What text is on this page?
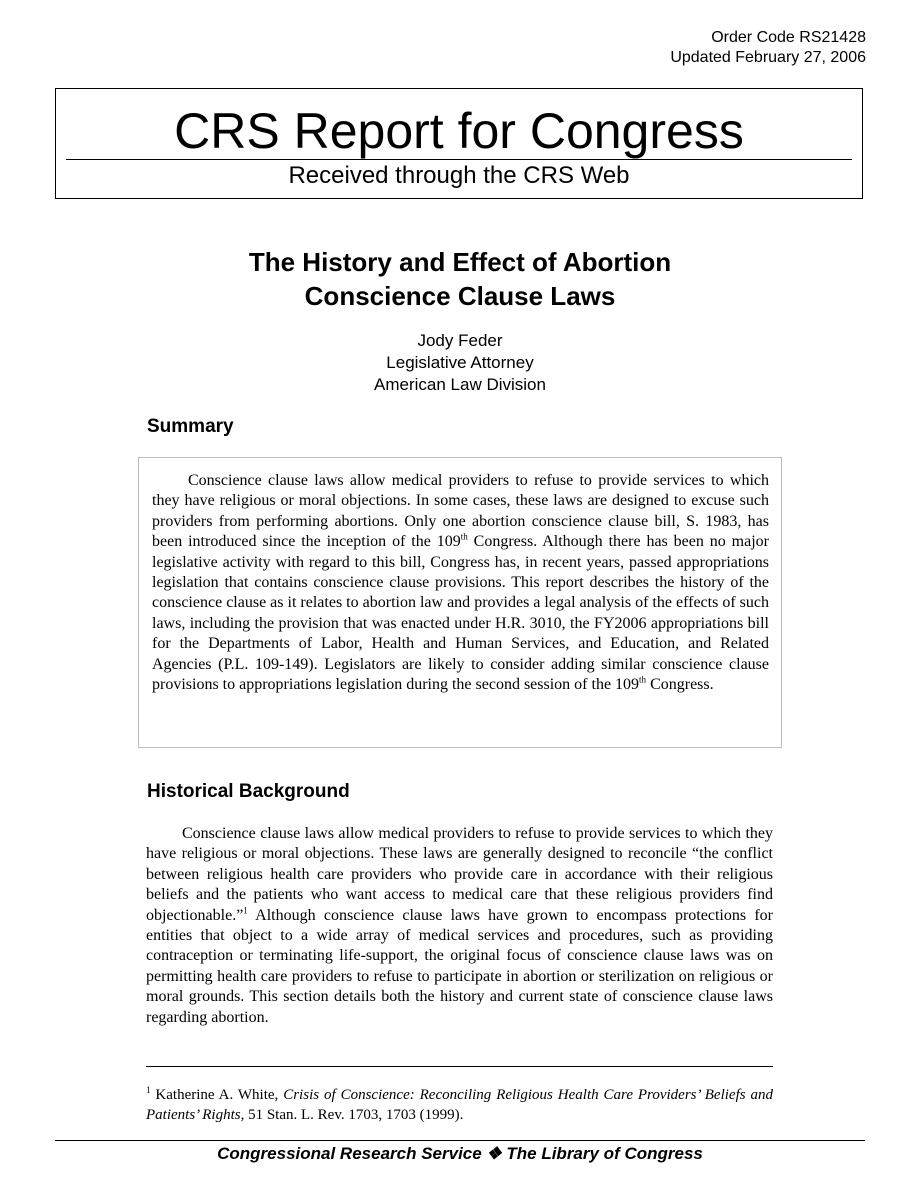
Order Code RS21428
Updated February 27, 2006
CRS Report for Congress
Received through the CRS Web
The History and Effect of Abortion
Conscience Clause Laws
Jody Feder
Legislative Attorney
American Law Division
Summary

Conscience clause laws allow medical providers to refuse to provide services to which they have religious or moral objections. In some cases, these laws are designed to excuse such providers from performing abortions. Only one abortion conscience clause bill, S. 1983, has been introduced since the inception of the 109th Congress. Although there has been no major legislative activity with regard to this bill, Congress has, in recent years, passed appropriations legislation that contains conscience clause provisions. This report describes the history of the conscience clause as it relates to abortion law and provides a legal analysis of the effects of such laws, including the provision that was enacted under H.R. 3010, the FY2006 appropriations bill for the Departments of Labor, Health and Human Services, and Education, and Related Agencies (P.L. 109-149). Legislators are likely to consider adding similar conscience clause provisions to appropriations legislation during the second session of the 109th Congress.

Historical Background

Conscience clause laws allow medical providers to refuse to provide services to which they have religious or moral objections. These laws are generally designed to reconcile “the conflict between religious health care providers who provide care in accordance with their religious beliefs and the patients who want access to medical care that these religious providers find objectionable.”$^1$ Although conscience clause laws have grown to encompass protections for entities that object to a wide array of medical services and procedures, such as providing contraception or terminating life-support, the original focus of conscience clause laws was on permitting health care providers to refuse to participate in abortion or sterilization on religious or moral grounds. This section details both the history and current state of conscience clause laws regarding abortion.

$^1$ Katherine A. White, Crisis of Conscience: Reconciling Religious Health Care Providers’ Beliefs and Patients’ Rights, 51 Stan. L. Rev. 1703, 1703 (1999).
Congressional Research Service ❖ The Library of Congress
